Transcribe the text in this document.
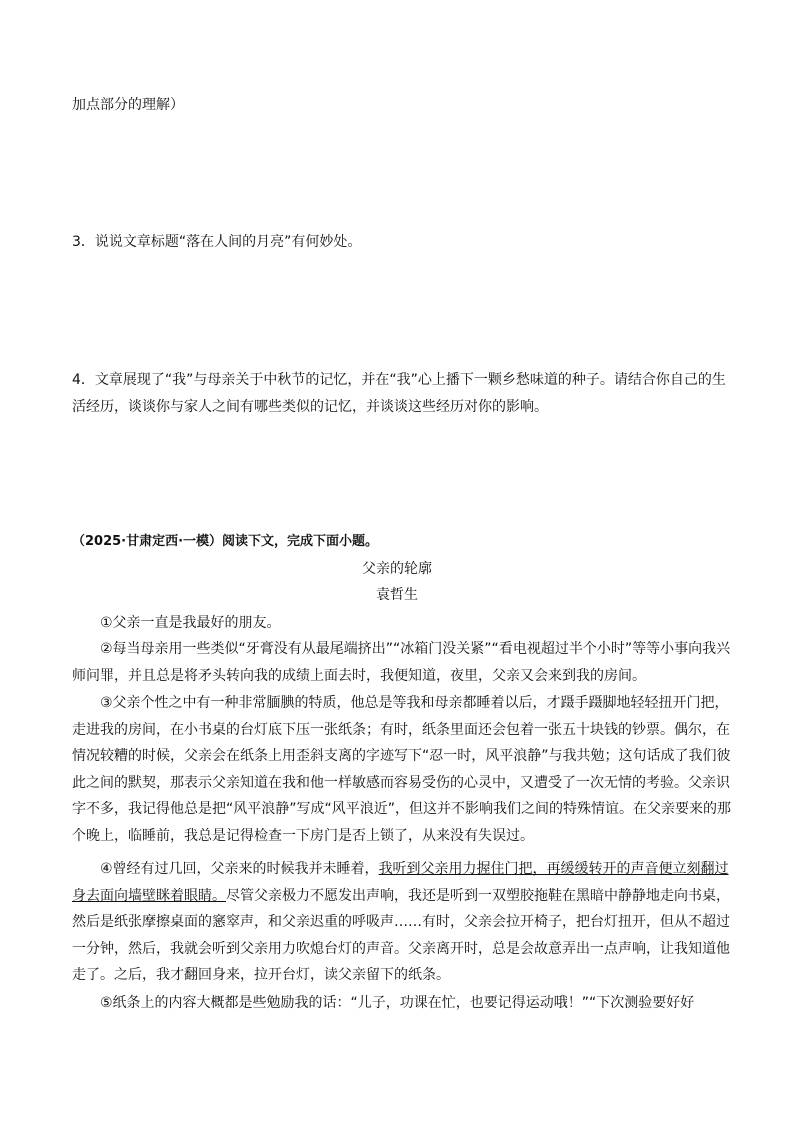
加点部分的理解）
3．说说文章标题“落在人间的月亮”有何妙处。
4．文章展现了“我”与母亲关于中秋节的记忆，并在“我”心上播下一颗乡愁味道的种子。请结合你自己的生活经历，谈谈你与家人之间有哪些类似的记忆，并谈谈这些经历对你的影响。
（2025·甘肃定西·一模）阅读下文，完成下面小题。
父亲的轮廓
袁哲生
①父亲一直是我最好的朋友。
②每当母亲用一些类似“牙膏没有从最尾端挤出”“冰箱门没关紧”“看电视超过半个小时”等等小事向我兴师问罪，并且总是将矛头转向我的成绩上面去时，我便知道，夜里，父亲又会来到我的房间。
③父亲个性之中有一种非常腼腆的特质，他总是等我和母亲都睡着以后，才蹑手蹑脚地轻轻扭开门把，走进我的房间，在小书桌的台灯底下压一张纸条；有时，纸条里面还会包着一张五十块钱的钞票。偶尔，在情况较糟的时候，父亲会在纸条上用歪斜支离的字迹写下“忍一时，风平浪静”与我共勉；这句话成了我们彼此之间的默契，那表示父亲知道在我和他一样敏感而容易受伤的心灵中，又遭受了一次无情的考验。父亲识字不多，我记得他总是把“风平浪静”写成“风平浪近”，但这并不影响我们之间的特殊情谊。在父亲要来的那个晚上，临睡前，我总是记得检查一下房门是否上锁了，从来没有失误过。
④曾经有过几回，父亲来的时候我并未睡着，我听到父亲用力握住门把，再缓缓转开的声音便立刻翻过身去面向墙壁眯着眼睛。尽管父亲极力不愿发出声响，我还是听到一双塑胶拖鞋在黑暗中静静地走向书桌，然后是纸张摩擦桌面的窸窣声，和父亲迟重的呼吸声……有时，父亲会拉开椅子，把台灯扭开，但从不超过一分钟，然后，我就会听到父亲用力吹熄台灯的声音。父亲离开时，总是会故意弄出一点声响，让我知道他走了。之后，我才翻回身来，拉开台灯，读父亲留下的纸条。
⑤纸条上的内容大概都是些勉励我的话：“儿子，功课在忙，也要记得运动哦！”“下次测验要好好
